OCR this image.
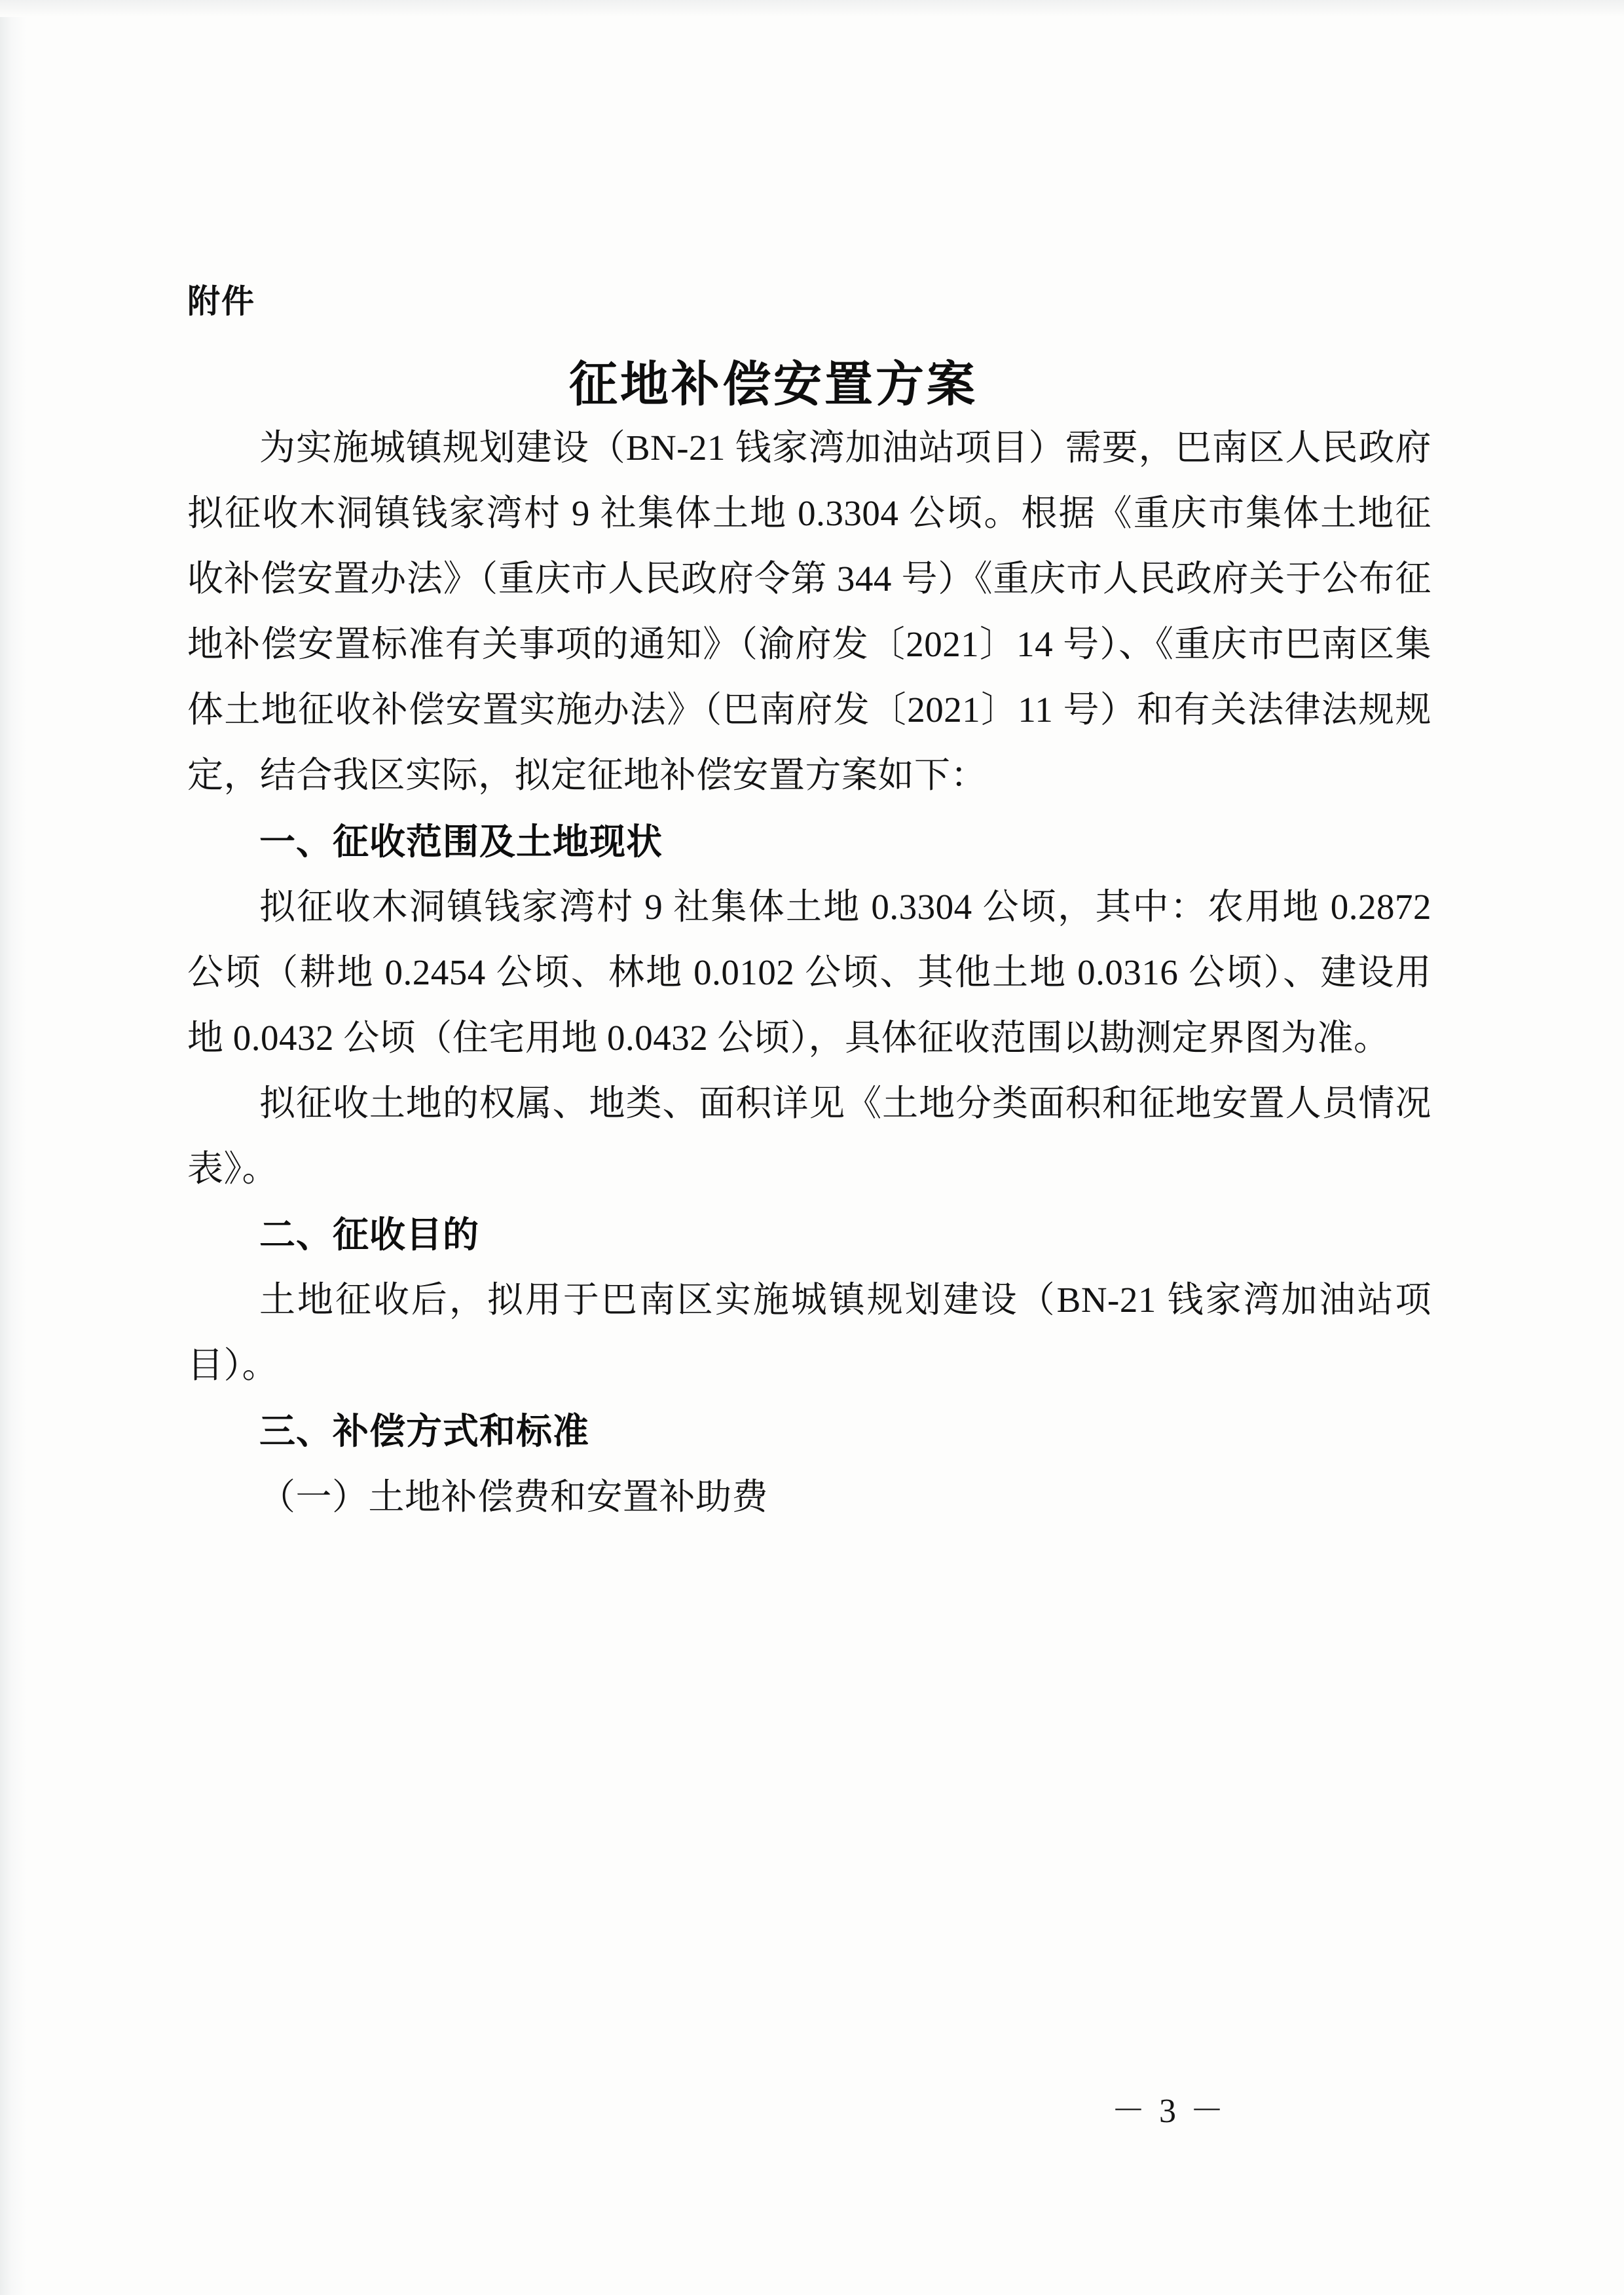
附件
征地补偿安置方案

为实施城镇规划建设（BN-21 钱家湾加油站项目）需要，巴南区人民政府拟征收木洞镇钱家湾村 9 社集体土地 0.3304 公顷。根据《重庆市集体土地征收补偿安置办法》（重庆市人民政府令第 344 号）《重庆市人民政府关于公布征地补偿安置标准有关事项的通知》（渝府发〔2021〕14 号）、《重庆市巴南区集体土地征收补偿安置实施办法》（巴南府发〔2021〕11 号）和有关法律法规规定，结合我区实际，拟定征地补偿安置方案如下：

一、征收范围及土地现状

拟征收木洞镇钱家湾村 9 社集体土地 0.3304 公顷，其中：农用地 0.2872 公顷（耕地 0.2454 公顷、林地 0.0102 公顷、其他土地 0.0316 公顷）、建设用地 0.0432 公顷（住宅用地 0.0432 公顷），具体征收范围以勘测定界图为准。

拟征收土地的权属、地类、面积详见《土地分类面积和征地安置人员情况表》。

二、征收目的

土地征收后，拟用于巴南区实施城镇规划建设（BN-21 钱家湾加油站项目）。

三、补偿方式和标准

（一）土地补偿费和安置补助费

－ 3 －
